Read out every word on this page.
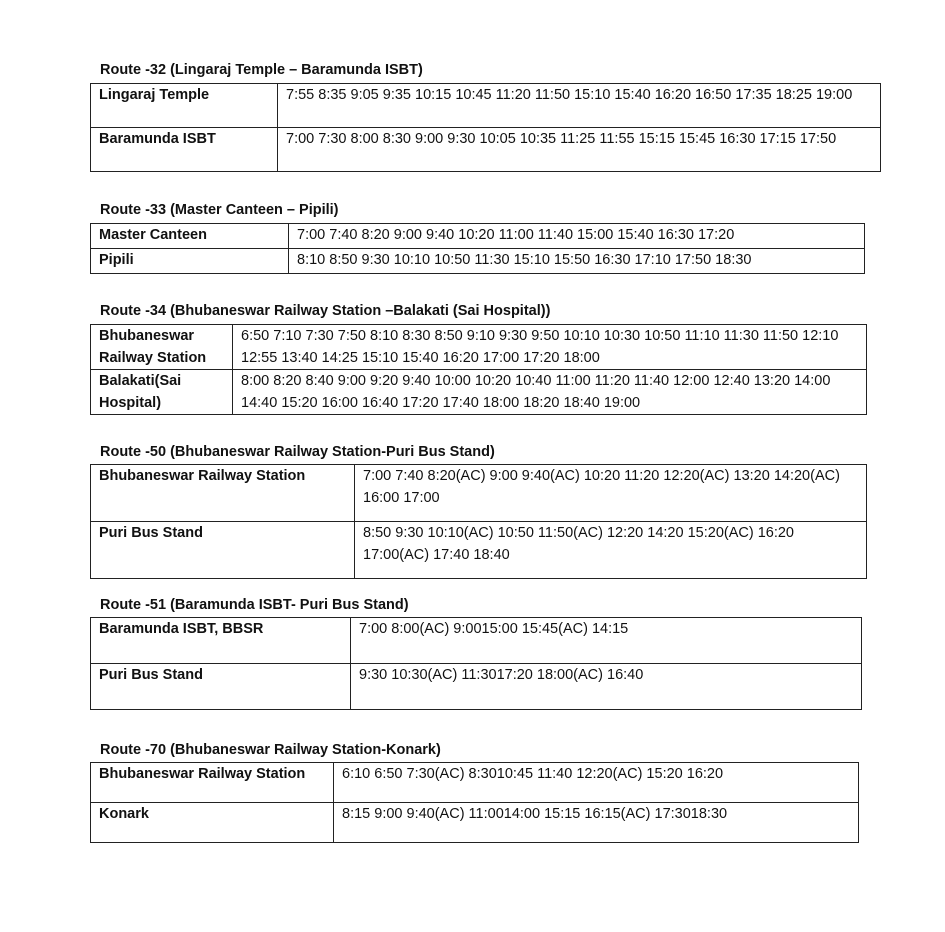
Route -32 (Lingaraj Temple – Baramunda ISBT)
Lingaraj Temple	7:55 8:35 9:05 9:35 10:15 10:45 11:20 11:50 15:10 15:40 16:20 16:50 17:35 18:25 19:00
Baramunda ISBT	7:00 7:30 8:00 8:30 9:00 9:30 10:05 10:35 11:25 11:55 15:15 15:45 16:30 17:15 17:50
Route -33 (Master Canteen – Pipili)
Master Canteen	7:00 7:40 8:20 9:00 9:40 10:20 11:00 11:40 15:00 15:40 16:30 17:20
Pipili	8:10 8:50 9:30 10:10 10:50 11:30 15:10 15:50 16:30 17:10 17:50 18:30
Route -34 (Bhubaneswar Railway Station –Balakati (Sai Hospital))
Bhubaneswar Railway Station	6:50 7:10 7:30 7:50 8:10 8:30 8:50 9:10 9:30 9:50 10:10 10:30 10:50 11:10 11:30 11:50 12:10 12:55 13:40 14:25 15:10 15:40 16:20 17:00 17:20 18:00
Balakati(Sai Hospital)	8:00 8:20 8:40 9:00 9:20 9:40 10:00 10:20 10:40 11:00 11:20 11:40 12:00 12:40 13:20 14:00 14:40 15:20 16:00 16:40 17:20 17:40 18:00 18:20 18:40 19:00
Route -50 (Bhubaneswar Railway Station-Puri Bus Stand)
Bhubaneswar Railway Station	7:00 7:40 8:20(AC) 9:00 9:40(AC) 10:20 11:20 12:20(AC) 13:20 14:20(AC) 16:00 17:00
Puri Bus Stand	8:50 9:30 10:10(AC) 10:50 11:50(AC) 12:20 14:20 15:20(AC) 16:20 17:00(AC) 17:40 18:40
Route -51 (Baramunda ISBT- Puri Bus Stand)
Baramunda ISBT, BBSR	7:00 8:00(AC) 9:0015:00 15:45(AC) 14:15
Puri Bus Stand	9:30 10:30(AC) 11:3017:20 18:00(AC) 16:40
Route -70 (Bhubaneswar Railway Station-Konark)
Bhubaneswar Railway Station	6:10 6:50 7:30(AC) 8:3010:45 11:40 12:20(AC) 15:20 16:20
Konark	8:15 9:00 9:40(AC) 11:0014:00 15:15 16:15(AC) 17:3018:30
